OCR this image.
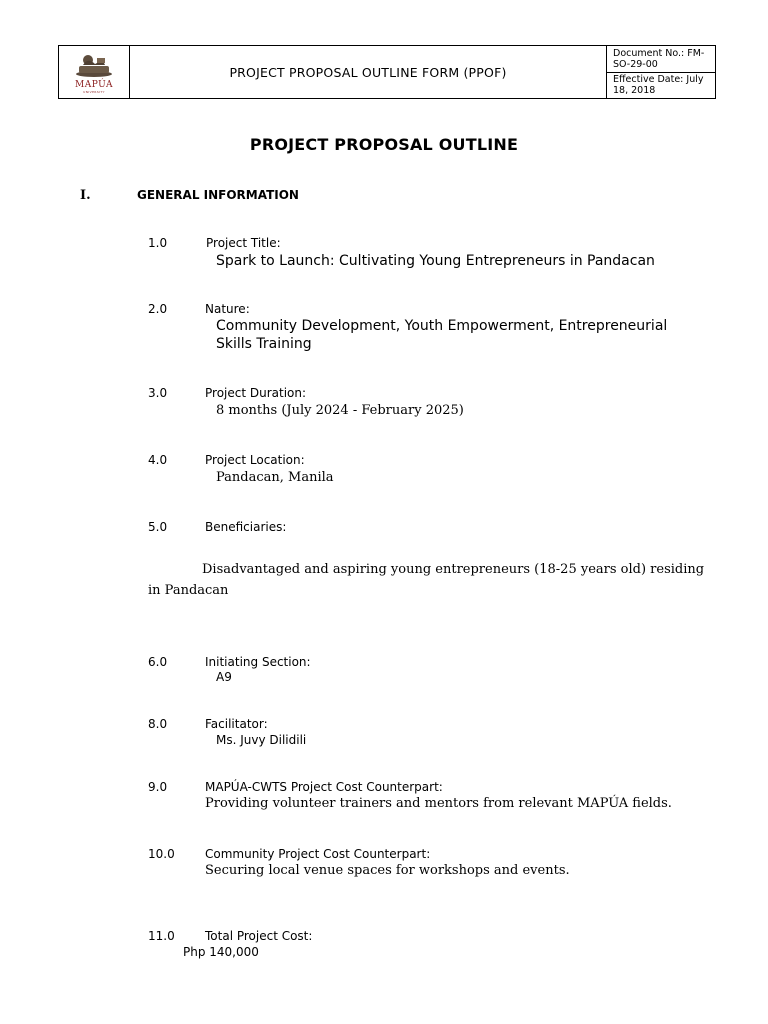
MAPÚA
UNIVERSITY
PROJECT PROPOSAL OUTLINE FORM (PPOF)
Document No.: FM-SO-29-00
Effective Date: July 18, 2018
PROJECT PROPOSAL OUTLINE
I.	GENERAL INFORMATION
1.0	Project Title:
Spark to Launch: Cultivating Young Entrepreneurs in Pandacan
2.0	Nature:
Community Development, Youth Empowerment, Entrepreneurial Skills Training
3.0	Project Duration:
8 months (July 2024 - February 2025)
4.0	Project Location:
Pandacan, Manila
5.0	Beneficiaries:
Disadvantaged and aspiring young entrepreneurs (18-25 years old) residing in Pandacan
6.0	Initiating Section:
A9
8.0	Facilitator:
Ms. Juvy Dilidili
9.0	MAPÚA-CWTS Project Cost Counterpart:
Providing volunteer trainers and mentors from relevant MAPÚA fields.
10.0	Community Project Cost Counterpart:
Securing local venue spaces for workshops and events.
11.0	Total Project Cost:
Php 140,000
